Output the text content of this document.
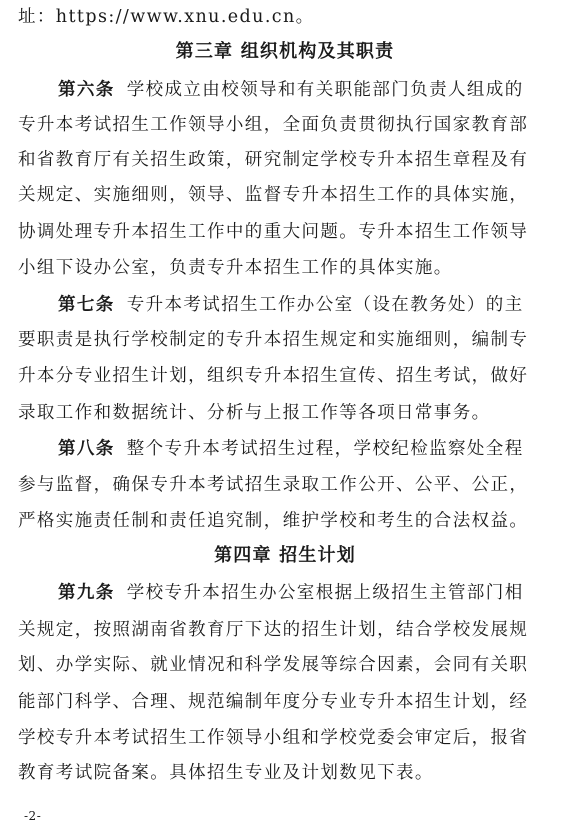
址：https://www.xnu.edu.cn。
第三章 组织机构及其职责
第六条 学校成立由校领导和有关职能部门负责人组成的
专升本考试招生工作领导小组，全面负责贯彻执行国家教育部
和省教育厅有关招生政策，研究制定学校专升本招生章程及有
关规定、实施细则，领导、监督专升本招生工作的具体实施，
协调处理专升本招生工作中的重大问题。专升本招生工作领导
小组下设办公室，负责专升本招生工作的具体实施。
第七条 专升本考试招生工作办公室（设在教务处）的主
要职责是执行学校制定的专升本招生规定和实施细则，编制专
升本分专业招生计划，组织专升本招生宣传、招生考试，做好
录取工作和数据统计、分析与上报工作等各项日常事务。
第八条 整个专升本考试招生过程，学校纪检监察处全程
参与监督，确保专升本考试招生录取工作公开、公平、公正，
严格实施责任制和责任追究制，维护学校和考生的合法权益。
第四章 招生计划
第九条 学校专升本招生办公室根据上级招生主管部门相
关规定，按照湖南省教育厅下达的招生计划，结合学校发展规
划、办学实际、就业情况和科学发展等综合因素，会同有关职
能部门科学、合理、规范编制年度分专业专升本招生计划，经
学校专升本考试招生工作领导小组和学校党委会审定后，报省
教育考试院备案。具体招生专业及计划数见下表。
-2-
